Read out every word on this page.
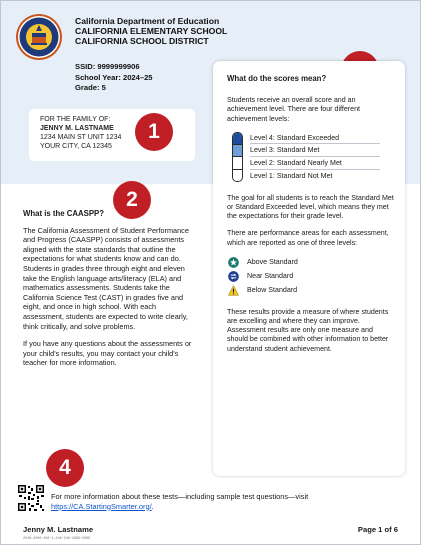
California Department of Education
CALIFORNIA ELEMENTARY SCHOOL
CALIFORNIA SCHOOL DISTRICT
SSID: 9999999906
School Year: 2024–25
Grade: 5
FOR THE FAMILY OF:
JENNY M. LASTNAME
1234 MAIN ST UNIT 1234
YOUR CITY, CA 12345
1
2
4
What is the CAASPP?

The California Assessment of Student Performance and Progress (CAASPP) consists of assessments aligned with the state standards that outline the expectations for what students know and can do. Students in grades three through eight and eleven take the English language arts/literacy (ELA) and mathematics assessments. Students take the California Science Test (CAST) in grades five and eight, and once in high school. With each assessment, students are expected to write clearly, think critically, and solve problems.

If you have any questions about the assessments or your child's results, you may contact your child's teacher for more information.

What do the scores mean?

Students receive an overall score and an achievement level. There are four different achievement levels:

Level 4: Standard Exceeded
Level 3: Standard Met
Level 2: Standard Nearly Met
Level 1: Standard Not Met

The goal for all students is to reach the Standard Met or Standard Exceeded level, which means they met the expectations for their grade level.

There are performance areas for each assessment, which are reported as one of three levels:

Above Standard
Near Standard
Below Standard

These results provide a measure of where students are excelling and where they can improve. Assessment results are only one measure and should be combined with other information to better understand student achievement.

For more information about these tests—including sample test questions—visit https://CA.StartingSmarter.org/.
Jenny M. Lastname	Page 1 of 6
2046—2006~286~1—246~246~2886~2086
